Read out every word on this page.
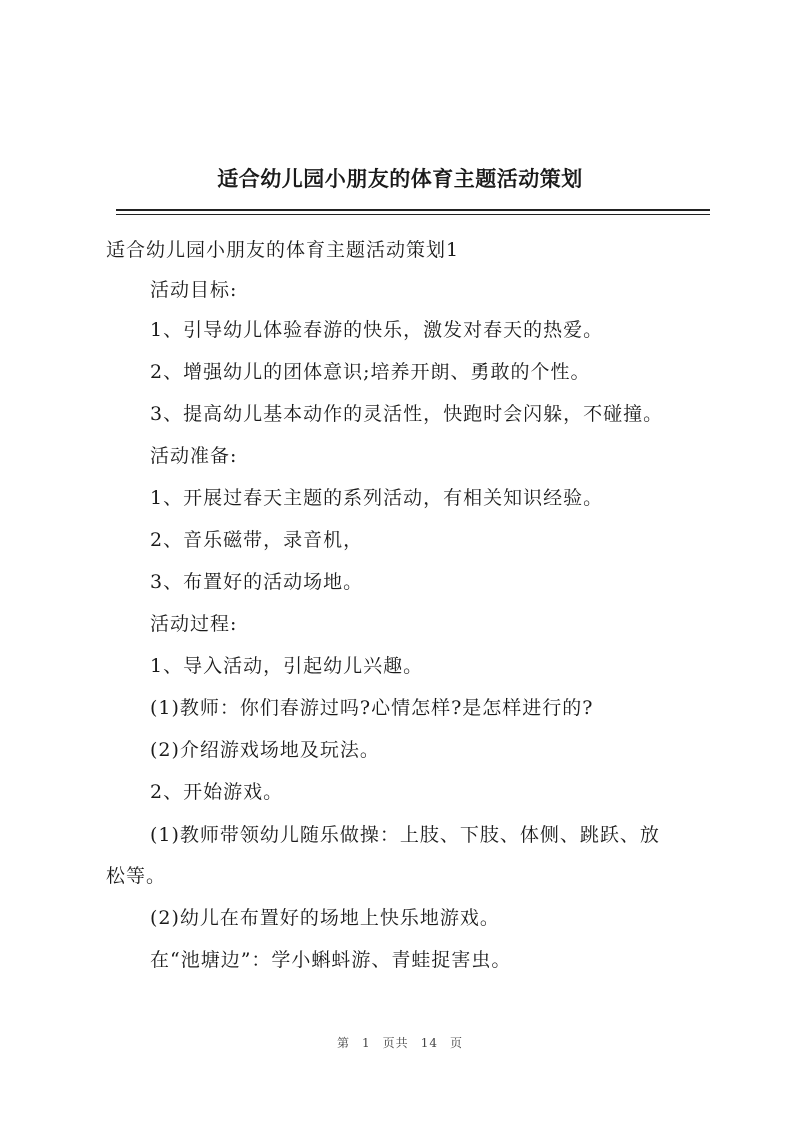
适合幼儿园小朋友的体育主题活动策划
适合幼儿园小朋友的体育主题活动策划1
活动目标:
1、引导幼儿体验春游的快乐，激发对春天的热爱。
2、增强幼儿的团体意识;培养开朗、勇敢的个性。
3、提高幼儿基本动作的灵活性，快跑时会闪躲，不碰撞。
活动准备:
1、开展过春天主题的系列活动，有相关知识经验。
2、音乐磁带，录音机，
3、布置好的活动场地。
活动过程:
1、导入活动，引起幼儿兴趣。
(1)教师：你们春游过吗?心情怎样?是怎样进行的?
(2)介绍游戏场地及玩法。
2、开始游戏。
(1)教师带领幼儿随乐做操：上肢、下肢、体侧、跳跃、放
松等。
(2)幼儿在布置好的场地上快乐地游戏。
在“池塘边”：学小蝌蚪游、青蛙捉害虫。
第 1 页共 14 页
